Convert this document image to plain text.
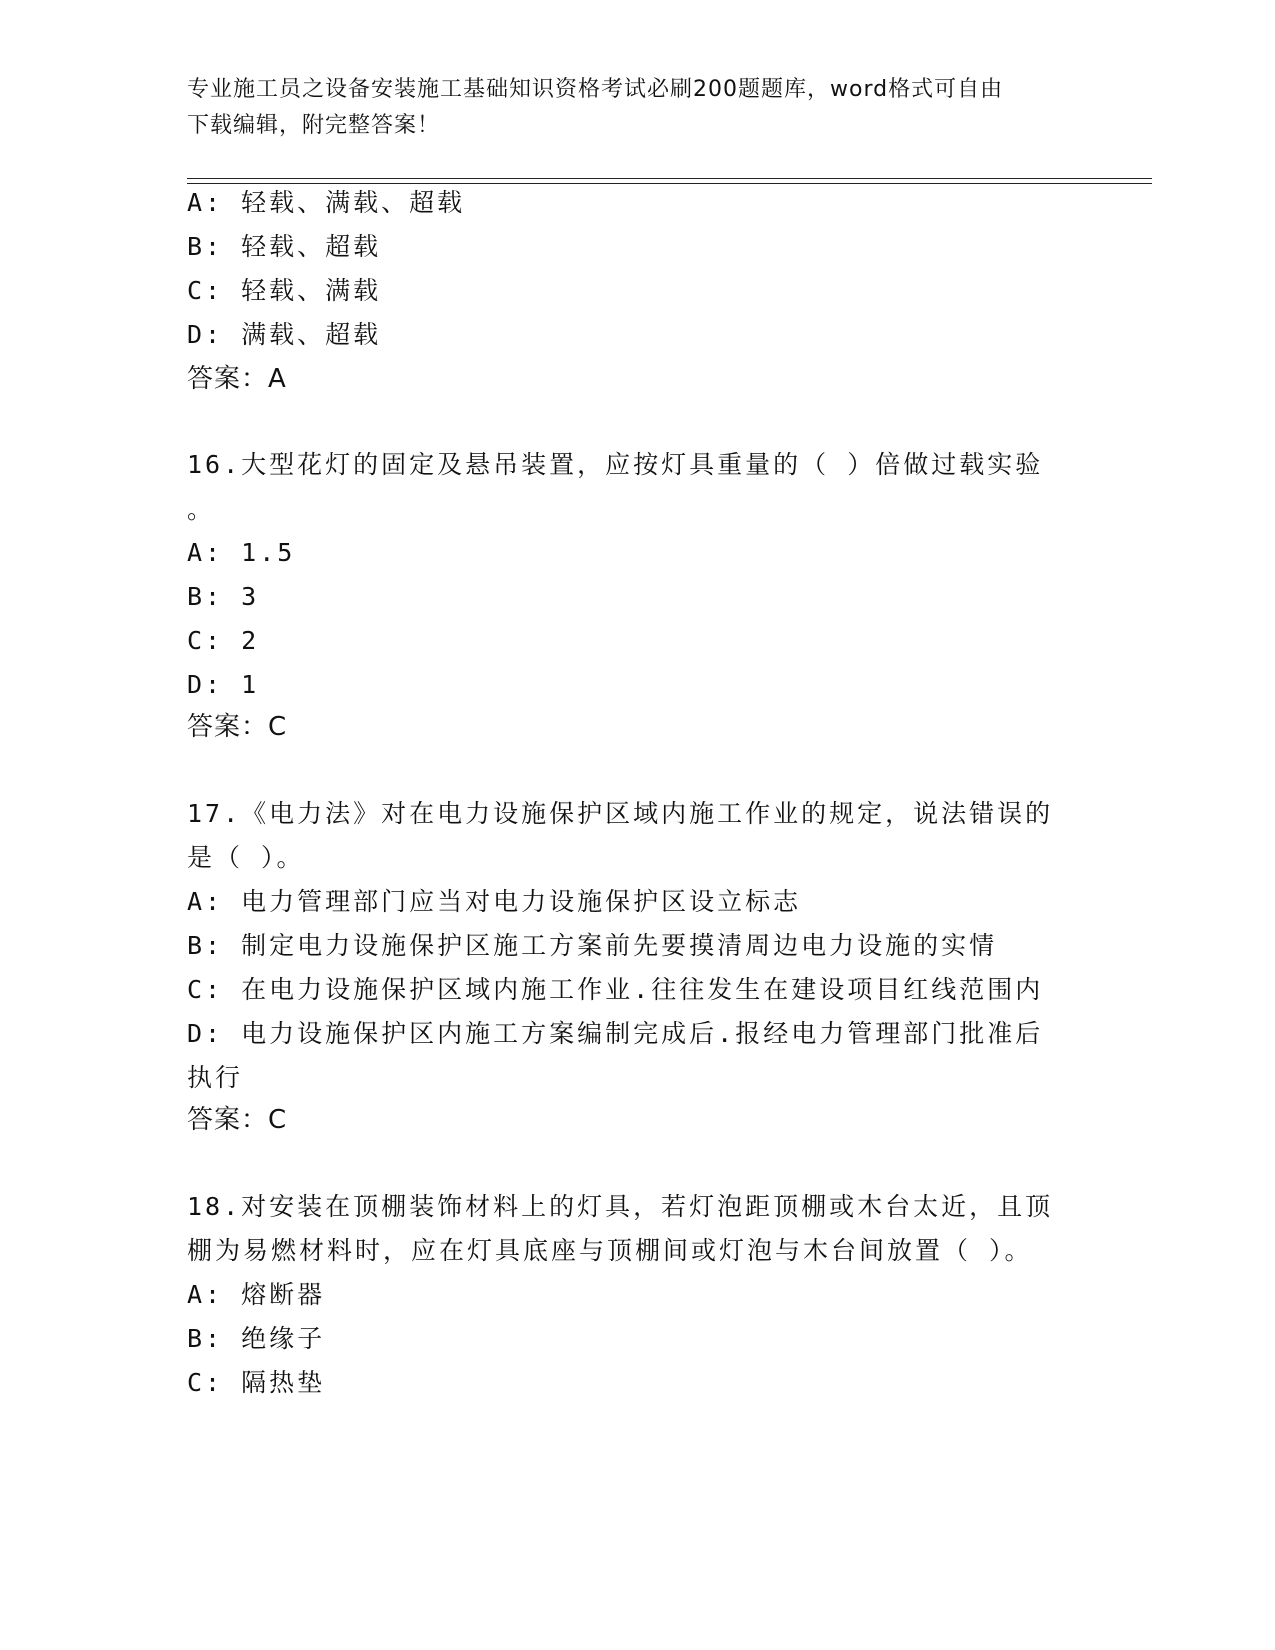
专业施工员之设备安装施工基础知识资格考试必刷200题题库，word格式可自由
下载编辑，附完整答案！
A: 轻载、满载、超载
B: 轻载、超载
C: 轻载、满载
D: 满载、超载
答案：A
16.大型花灯的固定及悬吊装置，应按灯具重量的（ ）倍做过载实验
。
A: 1.5
B: 3
C: 2
D: 1
答案：C
17.《电力法》对在电力设施保护区域内施工作业的规定，说法错误的
是（ ）。
A: 电力管理部门应当对电力设施保护区设立标志
B: 制定电力设施保护区施工方案前先要摸清周边电力设施的实情
C: 在电力设施保护区域内施工作业.往往发生在建设项目红线范围内
D: 电力设施保护区内施工方案编制完成后.报经电力管理部门批准后
执行
答案：C
18.对安装在顶棚装饰材料上的灯具，若灯泡距顶棚或木台太近，且顶
棚为易燃材料时，应在灯具底座与顶棚间或灯泡与木台间放置（ ）。
A: 熔断器
B: 绝缘子
C: 隔热垫
